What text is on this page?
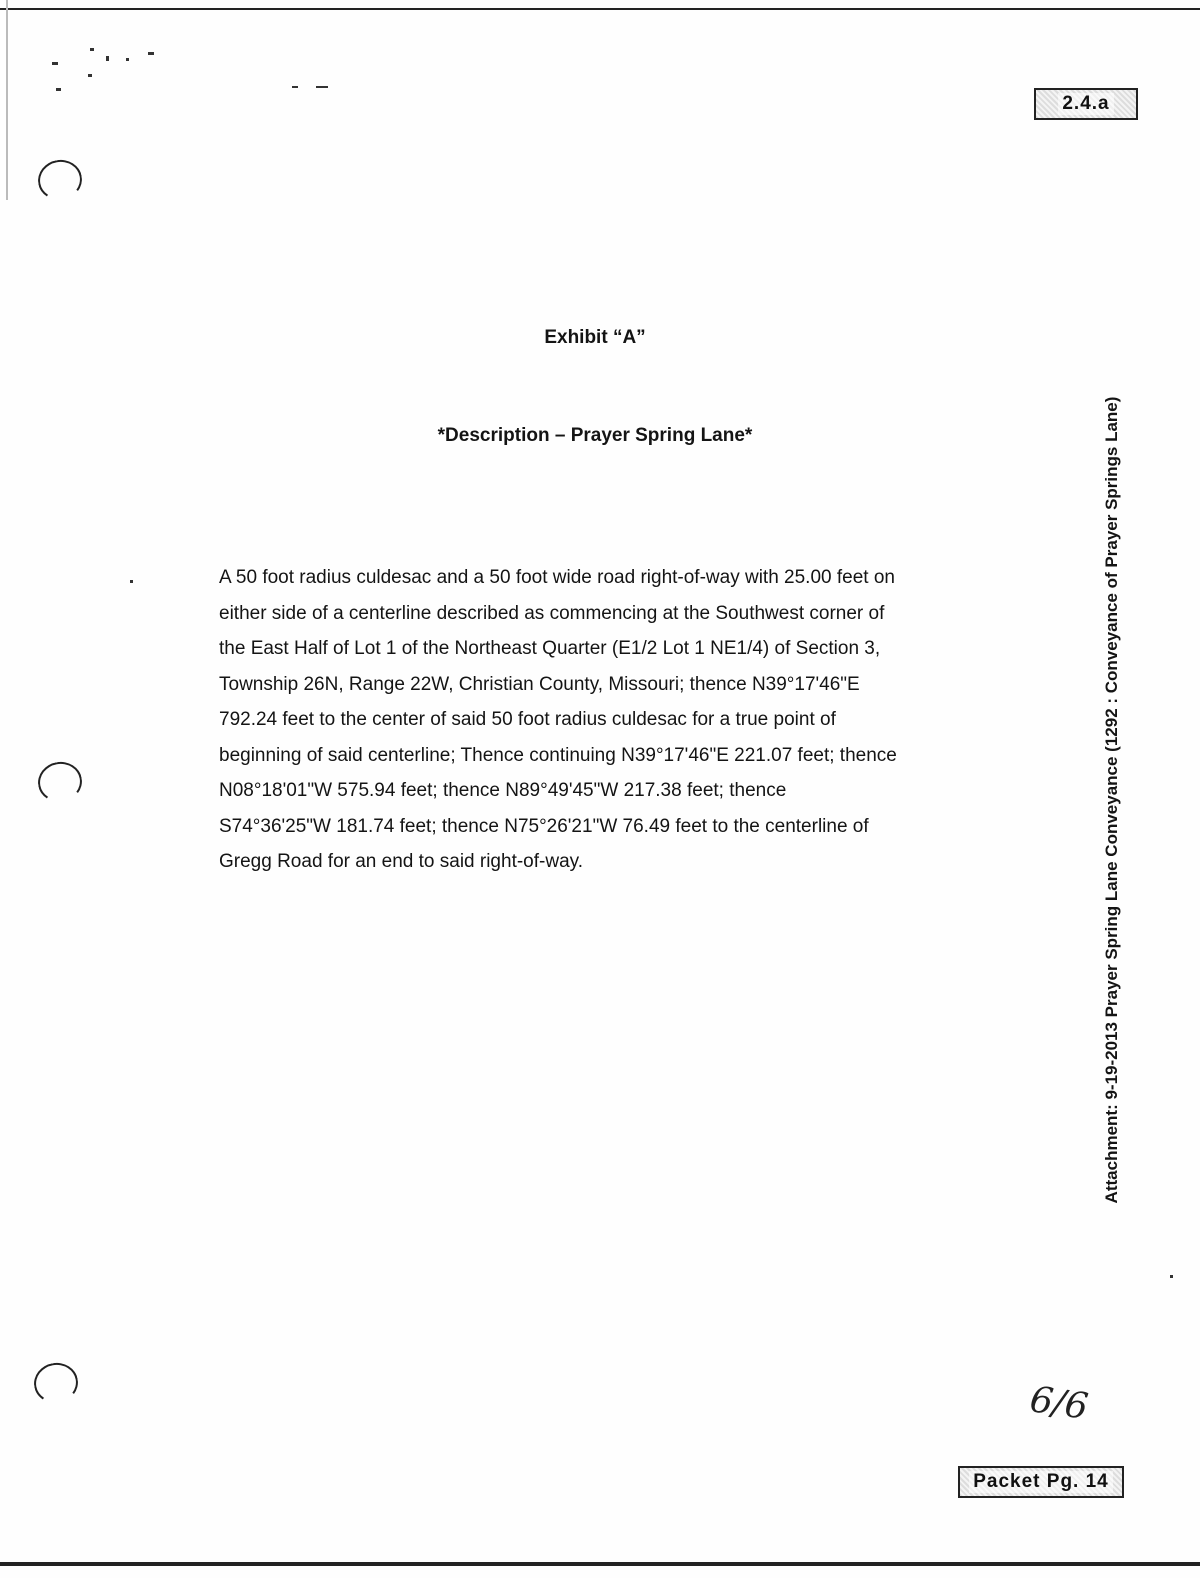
2.4.a
Exhibit “A”
*Description – Prayer Spring Lane*

A 50 foot radius culdesac and a 50 foot wide road right-of-way with 25.00 feet on
either side of a centerline described as commencing at the Southwest corner of
the East Half of Lot 1 of the Northeast Quarter (E1/2 Lot 1 NE1/4) of Section 3,
Township 26N, Range 22W, Christian County, Missouri; thence N39°17'46"E
792.24 feet to the center of said 50 foot radius culdesac for a true point of
beginning of said centerline; Thence continuing N39°17'46"E 221.07 feet; thence
N08°18'01"W 575.94 feet; thence N89°49'45"W 217.38 feet; thence
S74°36'25"W 181.74 feet; thence N75°26'21"W 76.49 feet to the centerline of
Gregg Road for an end to said right-of-way.	Attachment: 9-19-2013 Prayer Spring Lane Conveyance (1292 : Conveyance of Prayer Springs Lane)
6/6
Packet Pg. 14
